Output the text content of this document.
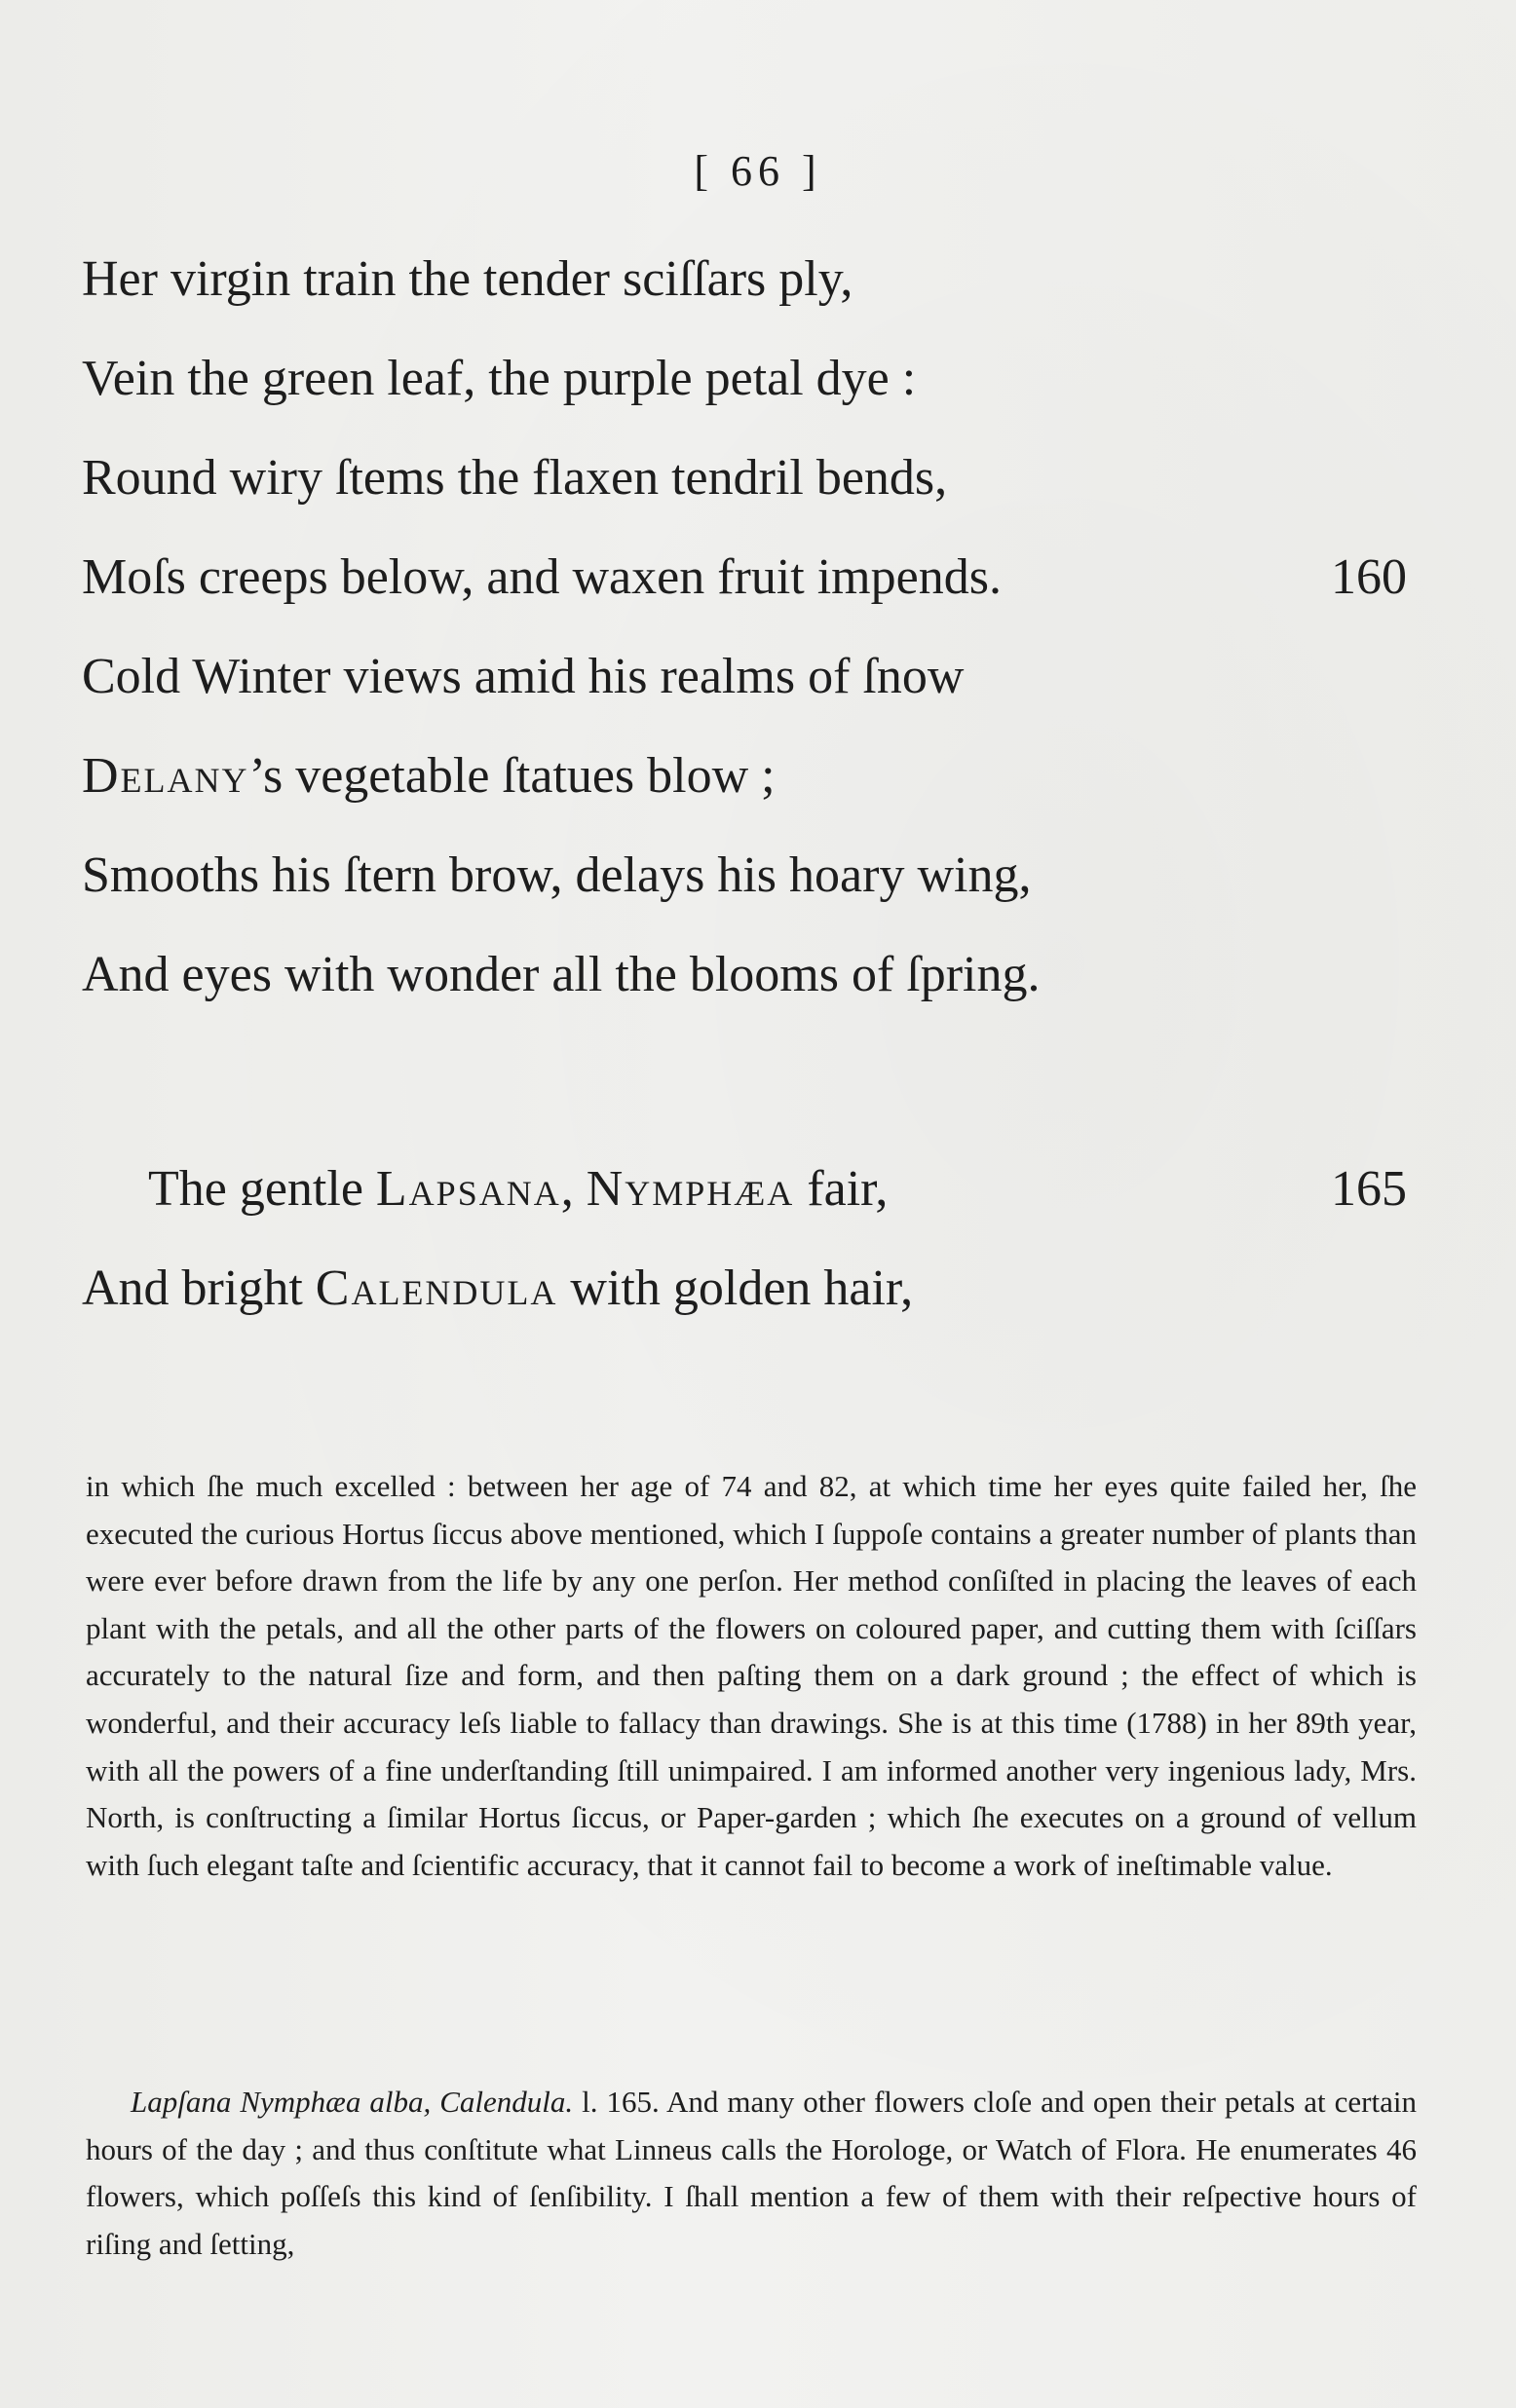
[ 66 ]
Her virgin train the tender sciſſars ply,
Vein the green leaf, the purple petal dye :
Round wiry ſtems the flaxen tendril bends,
Moſs creeps below, and waxen fruit impends.	160
Cold Winter views amid his realms of ſnow
Delany’s vegetable ſtatues blow ;
Smooths his ſtern brow, delays his hoary wing,
And eyes with wonder all the blooms of ſpring.
The gentle Lapsana, Nymphæa fair,	165
And bright Calendula with golden hair,

in which ſhe much excelled : between her age of 74 and 82, at which time her eyes quite failed her, ſhe executed the curious Hortus ſiccus above mentioned, which I ſuppoſe contains a greater number of plants than were ever before drawn from the life by any one perſon. Her method conſiſted in placing the leaves of each plant with the petals, and all the other parts of the flowers on coloured paper, and cutting them with ſciſſars accurately to the natural ſize and form, and then paſting them on a dark ground ; the effect of which is wonderful, and their accuracy leſs liable to fallacy than drawings. She is at this time (1788) in her 89th year, with all the powers of a fine underſtanding ſtill unimpaired. I am informed another very ingenious lady, Mrs. North, is conſtructing a ſimilar Hortus ſiccus, or Paper-garden ; which ſhe executes on a ground of vellum with ſuch elegant taſte and ſcientific accuracy, that it cannot fail to become a work of ineſtimable value.

Lapſana Nymphæa alba, Calendula. l. 165. And many other flowers cloſe and open their petals at certain hours of the day ; and thus conſtitute what Linneus calls the Horologe, or Watch of Flora. He enumerates 46 flowers, which poſſeſs this kind of ſenſibility. I ſhall mention a few of them with their reſpective hours of riſing and ſetting,
